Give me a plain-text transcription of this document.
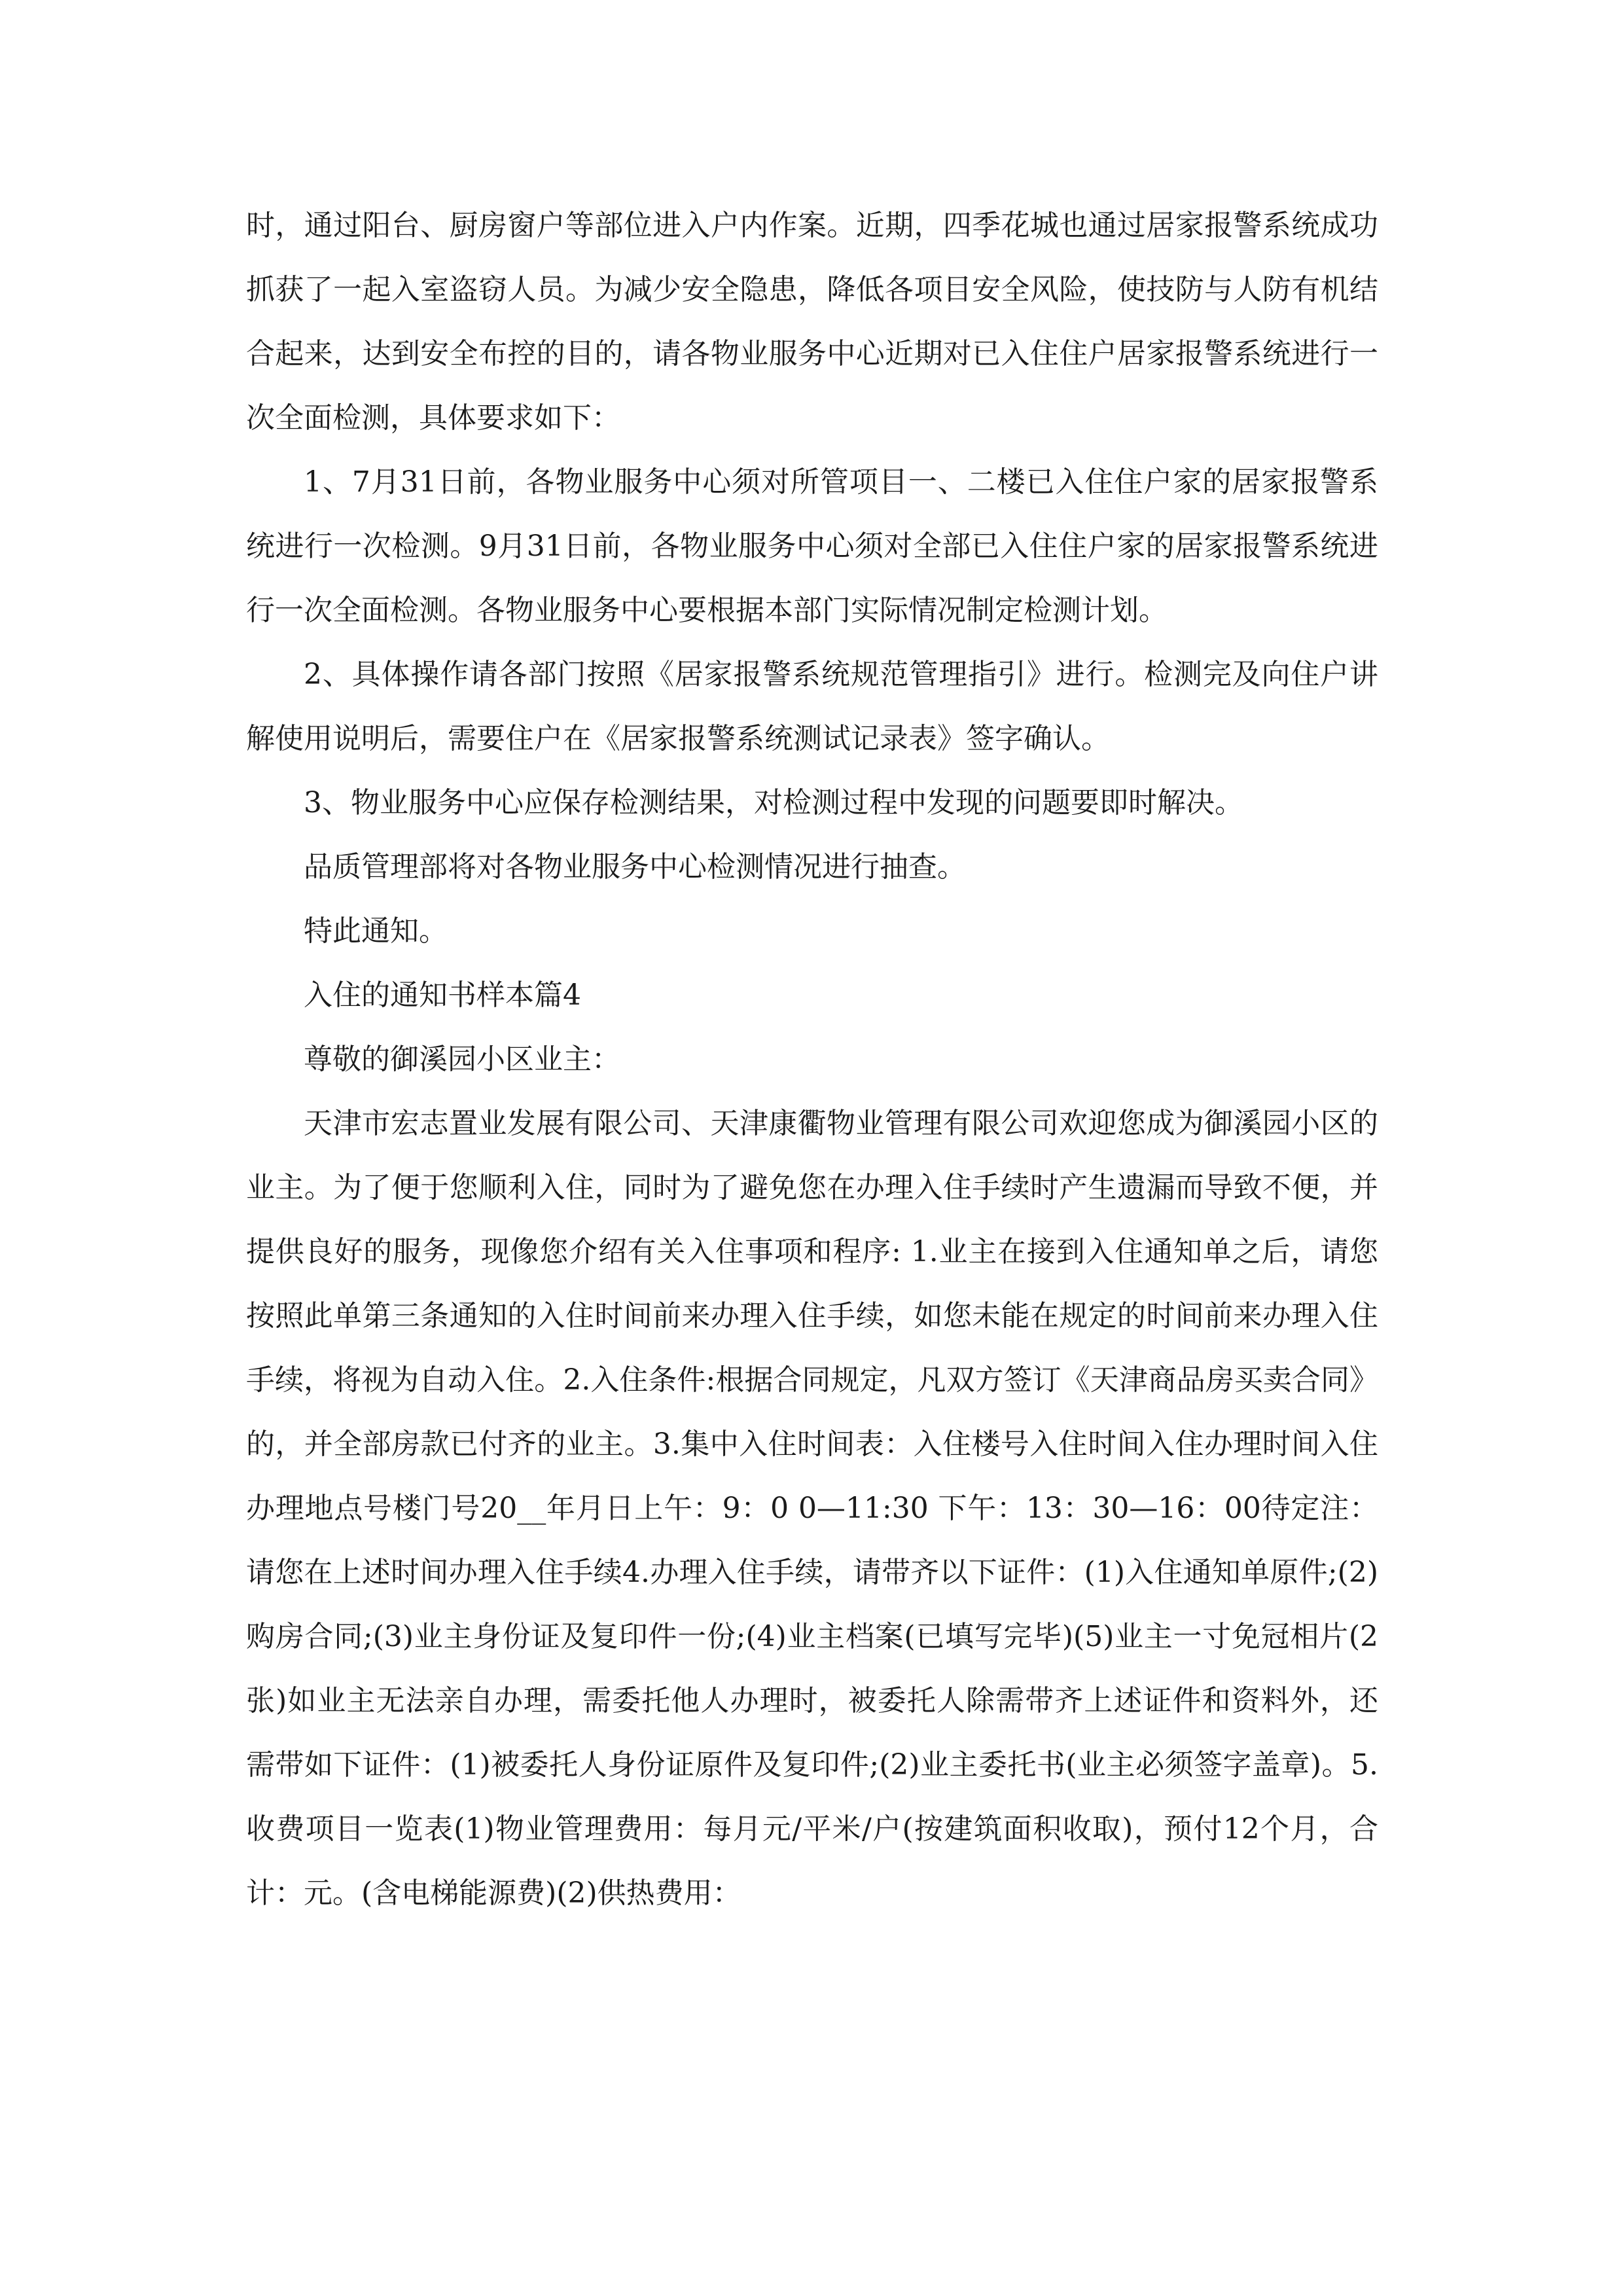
时，通过阳台、厨房窗户等部位进入户内作案。近期，四季花城也通过居家报警系统成功抓获了一起入室盗窃人员。为减少安全隐患，降低各项目安全风险，使技防与人防有机结合起来，达到安全布控的目的，请各物业服务中心近期对已入住住户居家报警系统进行一次全面检测，具体要求如下：

1、7月31日前，各物业服务中心须对所管项目一、二楼已入住住户家的居家报警系统进行一次检测。9月31日前，各物业服务中心须对全部已入住住户家的居家报警系统进行一次全面检测。各物业服务中心要根据本部门实际情况制定检测计划。

2、具体操作请各部门按照《居家报警系统规范管理指引》进行。检测完及向住户讲解使用说明后，需要住户在《居家报警系统测试记录表》签字确认。

3、物业服务中心应保存检测结果，对检测过程中发现的问题要即时解决。

品质管理部将对各物业服务中心检测情况进行抽查。

特此通知。

入住的通知书样本篇4

尊敬的御溪园小区业主：

天津市宏志置业发展有限公司、天津康衢物业管理有限公司欢迎您成为御溪园小区的业主。为了便于您顺利入住，同时为了避免您在办理入住手续时产生遗漏而导致不便，并提供良好的服务，现像您介绍有关入住事项和程序: 1.业主在接到入住通知单之后，请您按照此单第三条通知的入住时间前来办理入住手续，如您未能在规定的时间前来办理入住手续，将视为自动入住。2.入住条件:根据合同规定，凡双方签订《天津商品房买卖合同》的，并全部房款已付齐的业主。3.集中入住时间表：入住楼号入住时间入住办理时间入住办理地点号楼门号20__年月日上午：9：0 0—11:30 下午：13：30—16：00待定注：请您在上述时间办理入住手续4.办理入住手续，请带齐以下证件：(1)入住通知单原件;(2)购房合同;(3)业主身份证及复印件一份;(4)业主档案(已填写完毕)(5)业主一寸免冠相片(2张)如业主无法亲自办理，需委托他人办理时，被委托人除需带齐上述证件和资料外，还需带如下证件：(1)被委托人身份证原件及复印件;(2)业主委托书(业主必须签字盖章)。5.收费项目一览表(1)物业管理费用：每月元/平米/户(按建筑面积收取)，预付12个月，合计：元。(含电梯能源费)(2)供热费用：
